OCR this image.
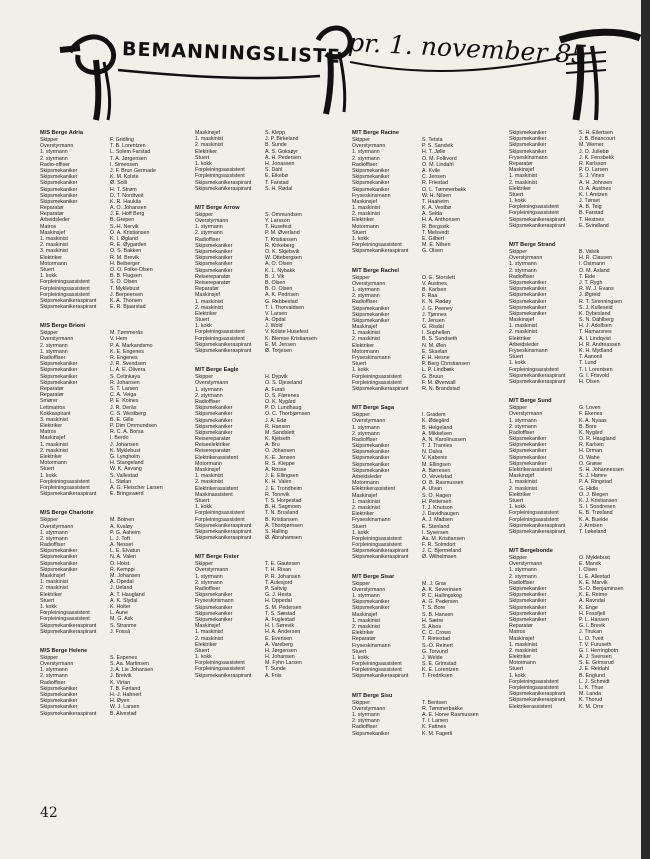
BEMANNINGSLISTE pr. 1. november 85
M/S Berge Adria
Skipper	F. Gridling
Overstyrmann	T. B. Lorentzen
1. styrmann	L. Solem Farstad
2. styrmann	T. A. Jørgensen
Radio-offiser	I. Simensen
Skipsmekaniker	J. F. Brun Germade
Skipsmekaniker	K. M. Kolste
Skipsmekaniker	Ø. Solli
Skipsmekaniker	H. T. Strøm
Skipsmekaniker	D. T. Nordtveit
Skipsmekaniker	K. R. Haukås
Reparatør	A. O. Johansen
Reparatør	J. E. Hoff Berg
Arbeidsleder	B. Grepen
Matros	S.-H. Nervik
Maskinsjef	O. A. Kristiansen
1. maskinist	K. I. Øgland
2. maskinist	R. E. Øygarden
3. maskinist	O. S. Bakken
Elektriker	R. M. Brevik
Motormann	H. Beiberger
Stuert	O. O. Folke-Olsen
1. kokk	B. B. Flugsen
Forpleiningsassistent	S. O. Olsen
Forpleiningsassistent	T. Myklebust
Forpleiningsassistent	J. Berpeersen
Skipsmekanikeraspirant	K. A. Thorsen
Skipsmekanikeraspirant	E. R. Bjaarstad
M/S Berge Brioni
Skipper	M. Tømmerås
Overstyrmann	V. Hem
2. styrmann	P. A. Markandsmo
1. styrmann	K. E. Engenes
Radioffiser	R. Engenes
Skipsmekaniker	J. R. Svendsen
Skipsmekaniker	L. A. E. Olivera
Skipsmekaniker	S. Cetinkaya
Skipsmekaniker	R. Johansen
Reparatør	S. T. Larsen
Reparatør	C. A. Veiga
Smører	P. E. Kolnes
Lettmatros	J. R. Derås
Kokkaspirant	C. S. Westberg
3. maskinist	B. E. Gille
Elektriker	P. Dim Ommundsen
Matros	R. C. A. Borsa
Maskinsjef	I. Berdo
1. maskinist	J. Johansen
2. maskinist	K. Myklebust
Elektriker	G. Lyngholm
Motormann	H. Stangeland
Stuert	W. K. Åsvang
1. kokk	S. Vallestad
Forpleiningsassistent	L. Stølan
Forpleiningsassistent	A. G. Fleischer Larsen
Skipsmekanikeraspirant	E. Bringsværd
M/S Berge Charlotte
Skipper	M. Botnen
Overstyrmann	A. Kvaløy
1. styrmann	P. G. Aaheim
2. styrmann	L. J. Toft
Radioffiser	A. Nesset
Skipsmekaniker	L. E. Elvatun
Skipsmekaniker	N. A. Valen
Skipsmekaniker	O. Hoist
Skipsmekaniker	R. Kemppi
Maskinsjef	M. Johansen
1. maskinist	A. Opedal
2. maskinist	J. Ueland
Elektriker	A. T. Haugland
Stuert	A. K. Slydal
1. kokk	K. Holter
Forpleiningsassistent	L. Aune
Forpleiningsassistent	M. G. Ask
Skipsmekanikeraspirant	S. Stranme
Skipsmekanikeraspirant	J. Fosså
M/S Berge Helene
Skipper	S. Espenes
Overstyrmann	S. Aa. Martinsen
1. styrmann	J. A. Lie Johansen
2. styrmann	J. Breivik
Radioffiser	K. Virtan
Skipsmekaniker	T. B. Førland
Skipsmekaniker	H.-J. Hahnert
Skipsmekaniker	H. Øyen
Skipsmekaniker	W. J. Larsen
Skipsmekanikeraspirant	B. Alvestad
Maskinsjef	S. Klepp
1. maskinist	J. P. Birkeland
2. maskinist	B. Sunde
Elektriker	A. S. Goksøyr
Stuert	A. H. Pedersen
1. kokk	H. Jonassen
Forpleiningsassistent	S. Dahl
Forpleiningsassistent	E. Eikebø
Skipsmekanikeraspirant	T. Farstad
Skipsmekanikeraspirant	S. H. Rødal
M/T Berge Arrow
Skipper	S. Ommundsen
Overstyrmann	Y. Larsson
1. styrmann	T. Husefest
2. styrmann	P. M. Øverland
Radioffiser	T. Kristiansen
Skipsmekaniker	R. Kirkeberg
Skipsmekaniker	O. K. Skjetsvik
Skipsmekaniker	W. Ottebergsen
Skipsmekaniker	A. O. Olsen
Skipsmekaniker	K. L. Nybakk
Reisereparatør	B. J. Vik
Reisereparatør	B. Olsen
Reparatør	B. O. Olsen
Maskinsjef	A. K. Pedrisen
1. maskinist	G. Rebbestad
2. maskinist	T. I. Thorvaldsen
Elektriker	V. Larsen
Stuert	A. Opdal
1. kokk	J. Wold
Forpleiningsassistent	V. Kolste Husefest
Forpleiningsassistent	K. Blemse Kristiansen
Skipsmekanikeraspirant	E. M. Jensen
Skipsmekanikeraspirant	Ø. Torjesen
M/T Berge Eagle
Skipper	H. Dypvik
Overstyrmann	O. S. Djeseland
1. styrmann	A. Furali
2. styrmann	D. S. Flørenes
Radioffiser	O. K. Nygård
Skipsmekaniker	P. O. Lundhaug
Skipsmekaniker	O. C. Thorbjørnsen
Skipsmekaniker	J. A. Edø
Skipsmekaniker	R. Hansen
Skipsmekaniker	M. Sandslett
Reisereparatør	K. Kjelseth
Reiseelektriker	A. Bru
Reisereparatør	O. Johansen
Elektrikerassistent	K.-E. Jensen
Motormann	R. S. Kleppe
Maskinsjef	A. Rosse
1. maskinist	J. E. Ellingsen
2. maskinist	K. H. Valen
Elektrikerassistent	J. E. Trondheim
Maskinassistent	R. Tonnvik
Stuert	T. S. Horpestad
1. kokk	B. H. Sagmoen
Forpleiningsassistent	T. N. Bruvland
Forpleiningsassistent	B. Kristiansen
Skipsmekanikeraspirant	A. Thorbjørnsen
Skipsmekanikeraspirant	S. Halling
Skipsmekanikeraspirant	Ø. Abrahamsen
M/T Berge Fister
Skipper	T. E. Gautesen
Overstyrmann	T. H. Risan
1. styrmann	P. R. Johansen
2. styrmann	T. Aulesjord
Radioffiser	P. Saltvig
Skipsmekaniker	G. J. Hesta
Fryseskinsmann	H. Oppedal
Skipsmekaniker	S. M. Pedersen
Skipsmekaniker	T. S. Sæstad
Skipsmekaniker	A. Fuglestad
Maskinsjef	H. I. Sørevik
1. maskinist	H. A. Andersen
2. maskinist	E. Evensen
Elektriker	A. Vareberg
Stuert	H. Jørgensen
1. kokk	H. Johansen
Forpleiningsassistent	M. Fyhn Larsen
Forpleiningsassistent	T. Sunde
Skipsmekanikeraspirant	A. Friis
M/T Berge Racine
Skipper	S. Tetsta
Overstyrmann	P. S. Sandvik
1. styrmann	H. T. Jølle
2. styrmann	O. M. Folkvord
Radioffiser	O. M. Lindahl
Skipsmekaniker	A. Kvile
Skipsmekaniker	C. Jensen
Skipsmekaniker	R. Friestad
Skipsmekaniker	O. L. Tømmerbakk
Fryseskinsmann	W. H. Nilsen
Maskinsjef	T. Haaheim
1. maskinist	K. A. Vestbø
2. maskinist	A. Selda
Elektriker	H. A. Anthonsen
Motormann	R. Bergsvik
Stuert	T. Melsvedt
1. kokk	E. Gilbert
Forpleiningsassistent	M. E. Nilsen
Skipsmekanikeraspirant	G. Olsen
M/T Berge Rachel
Skipper	O. E. Storslett
Overstyrmann	V. Austnes
1. styrmann	B. Karlsen
2. styrmann	F. Raa
Radioffiser	K. N. Rødøy
Skipsmekaniker	J. G. Peeney
Skipsmekaniker	J. Tjønnes
Skipsmekaniker	T. Jensen
Maskinsjef	G. Risdal
1. maskinist	I. Suphellen
2. maskinist	B. S. Sundseth
Elektriker	N. M. Øen
Motormann	E. Skavlan
Fryseskinsmann	F. H. Hesne
Stuert	P. Berg Christiansen
1. kokk	L. P. Lindbæk
Forpleiningsassistent	G. Bruun
Forpleiningsassistent	F. M. Øverwall
Skipsmekanikeraspirant	R. N. Brandstad
M/T Berge Saga
Skipper	I. Gradem
Overstyrmann	K. Ødegård
1. styrmann	B. Helgeland
2. styrmann	A. Mikkelsen
Radioffiser	A. N. Karolinussen
Skipsmekaniker	T. J. Tranries
Skipsmekaniker	N. Dalva
Skipsmekaniker	V. Kabenis
Skipsmekaniker	M. Ellingsen
Skipsmekaniker	A. Børresen
Arbeidsleder	O. Vevelstad
Motormann	O. B. Rasmussen
Elektrikerassistent	A. Ulvan
Maskinsjef	S. O. Hagen
1. maskinist	H. Pettersen
2. maskinist	T. J. Knutson
Elektriker	J. Davidhaugen
Fryseskinsmann	A. J. Madsen
Stuert	E. Stenland
1. kokk	I. Syversen
Forpleiningsassistent	Aa. M. Kristiansen
Forpleiningsassistent	F. R. Solmdort
Skipsmekanikeraspirant	J. C. Bjermeland
Skipsmekanikeraspirant	Ø. Wilhelmsen
M/T Berge Sisar
Skipper	M. J. Grav
Overstyrmann	A. K. Severinsen
1. styrmann	P. C. Hallingskog
Skipsmekaniker	A. G. Pedersen
Skipsmekaniker	T. S. Bore
Maskinsjef	S. B. Hansen
1. maskinist	H. Sætre
2. maskinist	S. Alsos
Elektriker	C. C. Crowo
Reparatør	T. Rimestad
Fryseskinsmann	S.-O. Reinert
Stuert	G. Torvund
1. kokk	J. Welde
Forpleiningsassistent	S. E. Grimstad
Forpleiningsassistent	K. E. Lorentzen
Skipsmekanikeraspirant	T. Fredriksen
M/T Berge Sisu
Skipper	T. Bentsen
Overstyrmann	R. Tømmerbakke
1. styrmann	A. E. Horve Rasmussen
2. styrmann	T. I. Larsen
Radioffiser	K. Fattnes
Skipsmekaniker	K. M. Fagerli
Skipsmekaniker	S. H. Eilertsen
Skipsmekaniker	J. B. Briancourt
Skipsmekaniker	M. Werner
Skipsmekaniker	J. O. Juliebø
Fryseskinsmann	J. K. Fensbekk
Reparatør	R. Karlsson
Maskinsjef	P. O. Larsen
1. maskinist	S. J. Vines
2. maskinist	A. H. Johnsen
Elektriker	O. A. Austnes
Stuert	K. I. Amtzen
1. kokk	J. Tørset
Forpleiningsassistent	A. B. Teig
Forpleiningsassistent	B. Farstad
Skipsmekanikeraspirant	T. Hestnes
Skipsmekanikeraspirant	E. Svindland
M/T Berge Strand
Skipper	B. Valvik
Overstyrmann	H. R. Clausen
1. styrmann	I. Ostmann
2. styrmann	O. M. Åsland
Radioffiser	T. Eide
Skipsmekaniker	J. T. Rygh
Skipsmekaniker	R. W. J. Evans
Skipsmekaniker	J. Øgreid
Skipsmekaniker	R. T. Svenningsen
Skipsmekaniker	S. J. Kulleseid
Skipsmekaniker	K. Dybesland
Maskinsjef	S. N. Dahlberg
1. maskinist	H. J. Adolfsen
2. maskinist	T. Hamarsnes
Elektriker	A. I. Lindqvist
Arbeidsleder	H. R. Andreassen
Fryseskinsmann	K. H. Mydland
Stuert	T. Aanonli
1. kokk	T. Lund
Forpleiningsassistent	T. I. Lorentsen
Skipsmekanikeraspirant	G. I. Frisvold
Skipsmekanikeraspirant	H. Olsen
M/T Berge Sund
Skipper	G. Loven
Overstyrmann	F. Ekenes
1. styrmann	K. A. Nyaas
2. styrmann	B. Bore
Radioffiser	K. Nygård
Skipsmekaniker	O. R. Haugland
Skipsmekaniker	R. Karlsen
Skipsmekaniker	H. Orman
Skipsmekaniker	O. Wahe
Skipsmekaniker	O. Grøwe
Elektrikerassistent	S. H. Johannessen
Maskinsjef	S. J. Hamre
1. maskinist	P. A. Ringstad
2. maskinist	G. Hidle
Elektriker	O. J. Blegen
Stuert	K. J. Kristiansen
1. kokk	S. I. Sondresen
Forpleiningsassistent	E. B. Trøsland
Forpleiningsassistent	K. A. Bueide
Skipsmekanikeraspirant	J. Arntsen
Skipsmekanikeraspirant	T. Løkeland
M/T Bergebonde
Skipper	O. Myklebust
Overstyrmann	E. Marvik
1. styrmann	I. Olsen
2. styrmann	L. E. Allestad
Radioffiser	K. E. Marvik
Skipsmekaniker	S.-O. Benjaminsen
Skipsmekaniker	K. E. Reime
Skipsmekaniker	A. Ravndal
Skipsmekaniker	K. Enge
Skipsmekaniker	H. Fossfjell
Skipsmekaniker	P. L. Hansen
Reparatør	G. I. Brevik
Matros	J. Tirukan
Maskinsjef	L. O. Tveit
1. maskinist	T. V. Furuseth
2. maskinist	G. I. Herringbotn
Elektriker	A. J. Svensen
Motormann	S. E. Grimsrud
Stuert	J. E. Reidahl
1. kokk	B. Englund
Forpleiningsassistent	L. J. Schmidt
Forpleiningsassistent	L. K. Thue
Skipsmekanikeraspirant	M. Landa
Skipsmekanikeraspirant	K. Thorud
Elektrikerassistent	K. M. Orre
42
